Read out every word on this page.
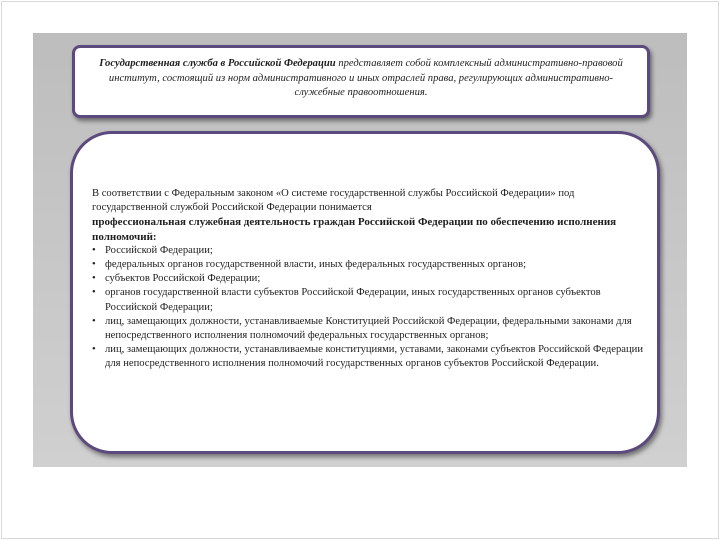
Государственная служба в Российской Федерации представляет собой комплексный административно-правовой институт, состоящий из норм административного и иных отраслей права, регулирующих административно-служебные правоотношения.

В соответствии с Федеральным законом «О системе государственной службы Российской Федерации» под государственной службой Российской Федерации понимается

профессиональная служебная деятельность граждан Российской Федерации по обеспечению исполнения полномочий:

• Российской Федерации;
• федеральных органов государственной власти, иных федеральных государственных органов;
• субъектов Российской Федерации;
• органов государственной власти субъектов Российской Федерации, иных государственных органов субъектов Российской Федерации;
• лиц, замещающих должности, устанавливаемые Конституцией Российской Федерации, федеральными законами для непосредственного исполнения полномочий федеральных государственных органов;
• лиц, замещающих должности, устанавливаемые конституциями, уставами, законами субъектов Российской Федерации для непосредственного исполнения полномочий государственных органов субъектов Российской Федерации.
